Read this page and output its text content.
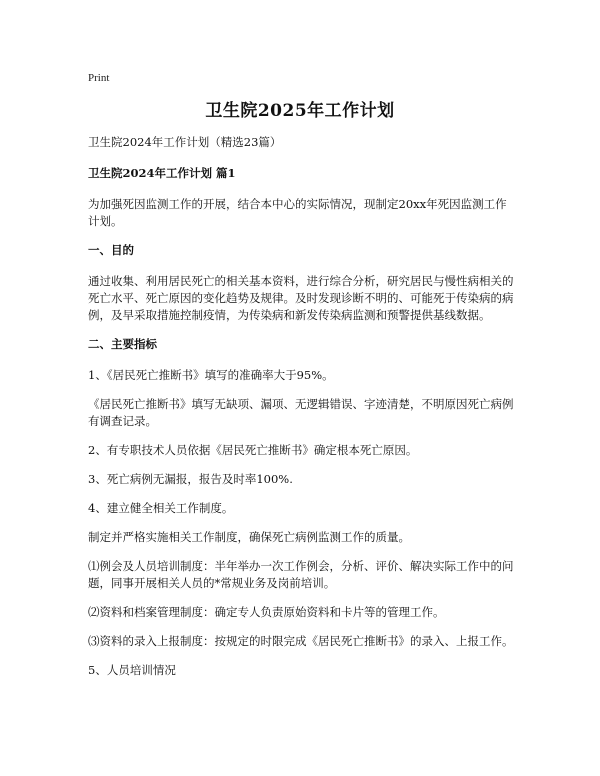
Print
卫生院2025年工作计划

卫生院2024年工作计划（精选23篇）

卫生院2024年工作计划 篇1

为加强死因监测工作的开展，结合本中心的实际情况，现制定20xx年死因监测工作计划。

一、目的

通过收集、利用居民死亡的相关基本资料，进行综合分析，研究居民与慢性病相关的死亡水平、死亡原因的变化趋势及规律。及时发现诊断不明的、可能死于传染病的病例，及早采取措施控制疫情，为传染病和新发传染病监测和预警提供基线数据。

二、主要指标

1、《居民死亡推断书》填写的准确率大于95%。

《居民死亡推断书》填写无缺项、漏项、无逻辑错误、字迹清楚，不明原因死亡病例有调查记录。

2、有专职技术人员依据《居民死亡推断书》确定根本死亡原因。

3、死亡病例无漏报，报告及时率100%.

4、建立健全相关工作制度。

制定并严格实施相关工作制度，确保死亡病例监测工作的质量。

⑴例会及人员培训制度：半年举办一次工作例会，分析、评价、解决实际工作中的问题，同事开展相关人员的*常规业务及岗前培训。

⑵资料和档案管理制度：确定专人负责原始资料和卡片等的管理工作。

⑶资料的录入上报制度：按规定的时限完成《居民死亡推断书》的录入、上报工作。

5、人员培训情况
